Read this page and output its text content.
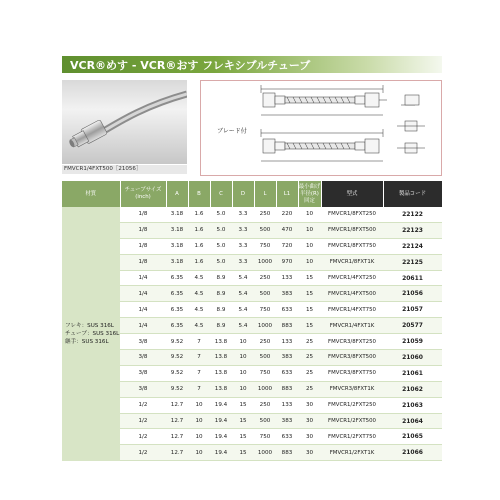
VCR®めす - VCR®おす フレキシブルチューブ
FMVCR1/4FXT500［21056］
ブレード付
材質	チューブサイズ (inch)	A	B	C	D	L	L1	最小曲げ半径(R) 回定	型式	製品コード

フレキ：SUS 316L
チューブ：SUS 316L
継手：SUS 316L	1/8	3.18	1.6	5.0	3.3	250	220	10	FMVCR1/8FXT250	22122
	1/8	3.18	1.6	5.0	3.3	500	470	10	FMVCR1/8FXT500	22123
	1/8	3.18	1.6	5.0	3.3	750	720	10	FMVCR1/8FXT750	22124
	1/8	3.18	1.6	5.0	3.3	1000	970	10	FMVCR1/8FXT1K	22125
	1/4	6.35	4.5	8.9	5.4	250	133	15	FMVCR1/4FXT250	20611
	1/4	6.35	4.5	8.9	5.4	500	383	15	FMVCR1/4FXT500	21056
	1/4	6.35	4.5	8.9	5.4	750	633	15	FMVCR1/4FXT750	21057
	1/4	6.35	4.5	8.9	5.4	1000	883	15	FMVCR1/4FXT1K	20577
	3/8	9.52	7	13.8	10	250	133	25	FMVCR3/8FXT250	21059
	3/8	9.52	7	13.8	10	500	383	25	FMVCR3/8FXT500	21060
	3/8	9.52	7	13.8	10	750	633	25	FMVCR3/8FXT750	21061
	3/8	9.52	7	13.8	10	1000	883	25	FMVCR3/8FXT1K	21062
	1/2	12.7	10	19.4	15	250	133	30	FMVCR1/2FXT250	21063
	1/2	12.7	10	19.4	15	500	383	30	FMVCR1/2FXT500	21064
	1/2	12.7	10	19.4	15	750	633	30	FMVCR1/2FXT750	21065
	1/2	12.7	10	19.4	15	1000	883	30	FMVCR1/2FXT1K	21066
